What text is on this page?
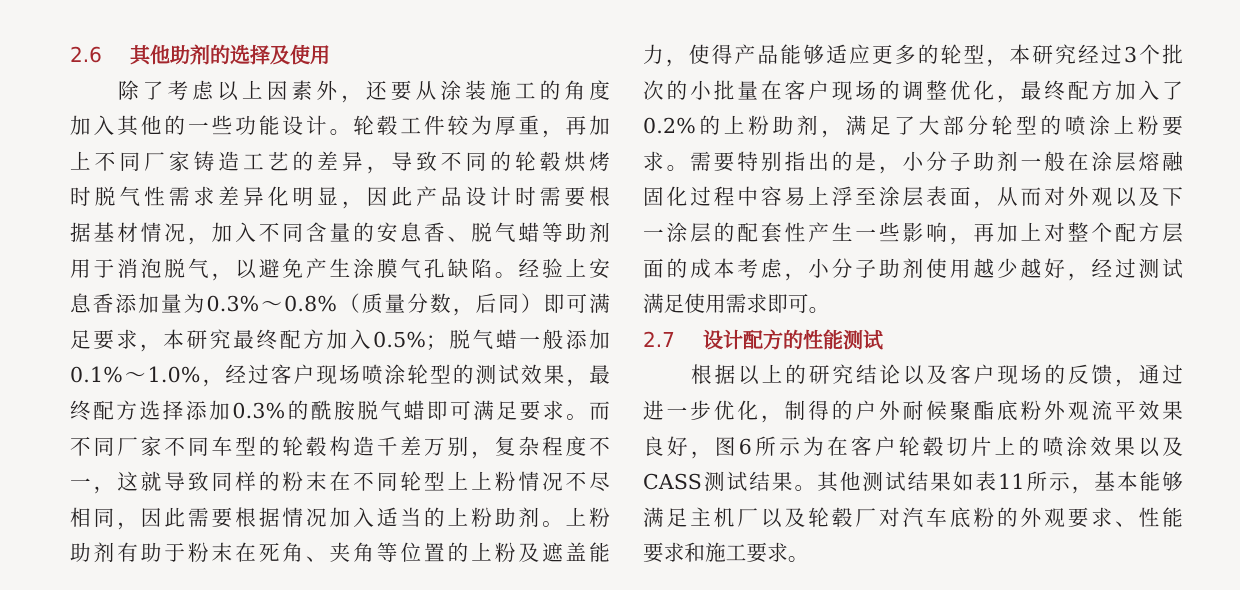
2.6 其他助剂的选择及使用
除了考虑以上因素外，还要从涂装施工的角度
加入其他的一些功能设计。轮毂工件较为厚重，再加
上不同厂家铸造工艺的差异，导致不同的轮毂烘烤
时脱气性需求差异化明显，因此产品设计时需要根
据基材情况，加入不同含量的安息香、脱气蜡等助剂
用于消泡脱气，以避免产生涂膜气孔缺陷。经验上安
息香添加量为0.3%～0.8%（质量分数，后同）即可满
足要求，本研究最终配方加入0.5%；脱气蜡一般添加
0.1%～1.0%，经过客户现场喷涂轮型的测试效果，最
终配方选择添加0.3%的酰胺脱气蜡即可满足要求。而
不同厂家不同车型的轮毂构造千差万别，复杂程度不
一，这就导致同样的粉末在不同轮型上上粉情况不尽
相同，因此需要根据情况加入适当的上粉助剂。上粉
助剂有助于粉末在死角、夹角等位置的上粉及遮盖能
力，使得产品能够适应更多的轮型，本研究经过3个批
次的小批量在客户现场的调整优化，最终配方加入了
0.2%的上粉助剂，满足了大部分轮型的喷涂上粉要
求。需要特别指出的是，小分子助剂一般在涂层熔融
固化过程中容易上浮至涂层表面，从而对外观以及下
一涂层的配套性产生一些影响，再加上对整个配方层
面的成本考虑，小分子助剂使用越少越好，经过测试
满足使用需求即可。
2.7 设计配方的性能测试
根据以上的研究结论以及客户现场的反馈，通过
进一步优化，制得的户外耐候聚酯底粉外观流平效果
良好，图6所示为在客户轮毂切片上的喷涂效果以及
CASS测试结果。其他测试结果如表11所示，基本能够
满足主机厂以及轮毂厂对汽车底粉的外观要求、性能
要求和施工要求。
